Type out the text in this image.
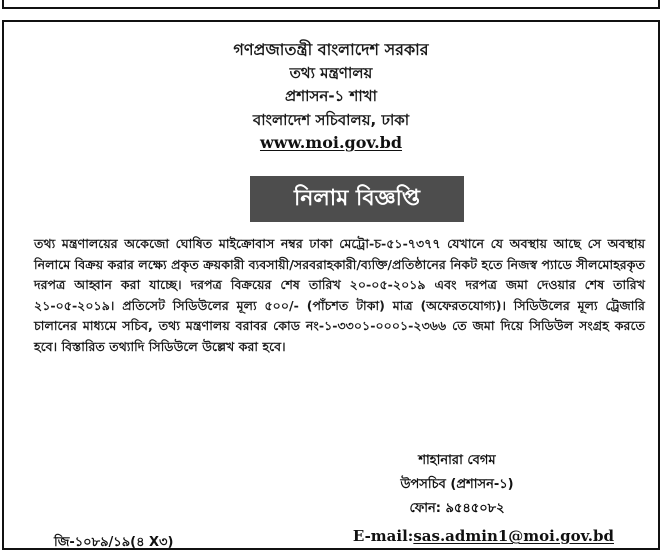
গণপ্রজাতন্ত্রী বাংলাদেশ সরকার
তথ্য মন্ত্রণালয়
প্রশাসন-১ শাখা
বাংলাদেশ সচিবালয়, ঢাকা
www.moi.gov.bd
নিলাম বিজ্ঞপ্তি

তথ্য মন্ত্রণালয়ের অকেজো ঘোষিত মাইক্রোবাস নম্বর ঢাকা মেট্রো-চ-৫১-৭৩৭৭ যেখানে যে অবস্থায় আছে সে অবস্থায় নিলামে বিক্রয় করার লক্ষ্যে প্রকৃত ক্রয়কারী ব্যবসায়ী/সরবরাহকারী/ব্যক্তি/প্রতিষ্ঠানের নিকট হতে নিজস্ব প্যাডে সীলমোহরকৃত দরপত্র আহ্বান করা যাচ্ছে। দরপত্র বিক্রয়ের শেষ তারিখ ২০-০৫-২০১৯ এবং দরপত্র জমা দেওয়ার শেষ তারিখ ২১-০৫-২০১৯। প্রতিসেট সিডিউলের মূল্য ৫০০/- (পাঁচশত টাকা) মাত্র (অফেরতযোগ্য)। সিডিউলের মূল্য ট্রেজারি চালানের মাধ্যমে সচিব, তথ্য মন্ত্রণালয় বরাবর কোড নং-১-৩৩০১-০০০১-২৩৬৬ তে জমা দিয়ে সিডিউল সংগ্রহ করতে হবে। বিস্তারিত তথ্যাদি সিডিউলে উল্লেখ করা হবে।

শাহানারা বেগম
উপসচিব (প্রশাসন-১)
ফোন: ৯৫৪৫০৮২
জি-১০৮৯/১৯(৪ X৩)	E-mail:sas.admin1@moi.gov.bd
